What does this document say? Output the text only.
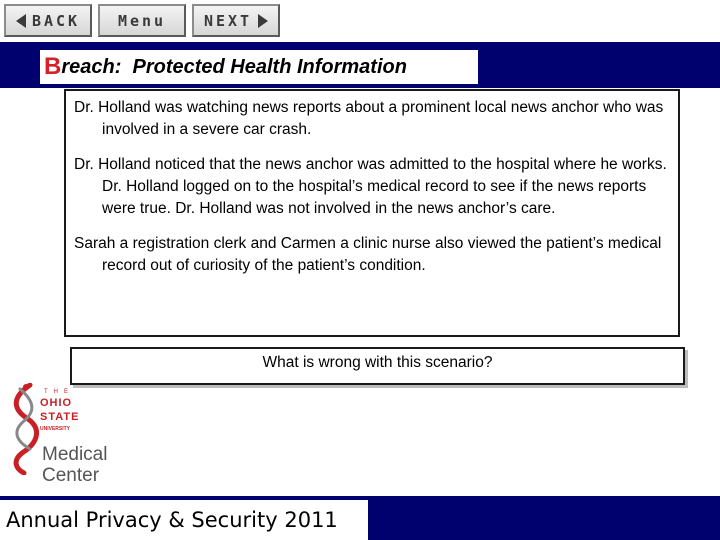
BACK	Menu	NEXT
B reach:  Protected Health Information

Dr. Holland was watching news reports about a prominent local news anchor who was involved in a severe car crash.

Dr. Holland noticed that the news anchor was admitted to the hospital where he works. Dr. Holland logged on to the hospital’s medical record to see if the news reports were true. Dr. Holland was not involved in the news anchor’s care.

Sarah a registration clerk and Carmen a clinic nurse also viewed the patient’s medical record out of curiosity of the patient’s condition.

What is wrong with this scenario?
THE
OHIO
STATE
UNIVERSITY
Medical
Center
Annual Privacy & Security 2011
